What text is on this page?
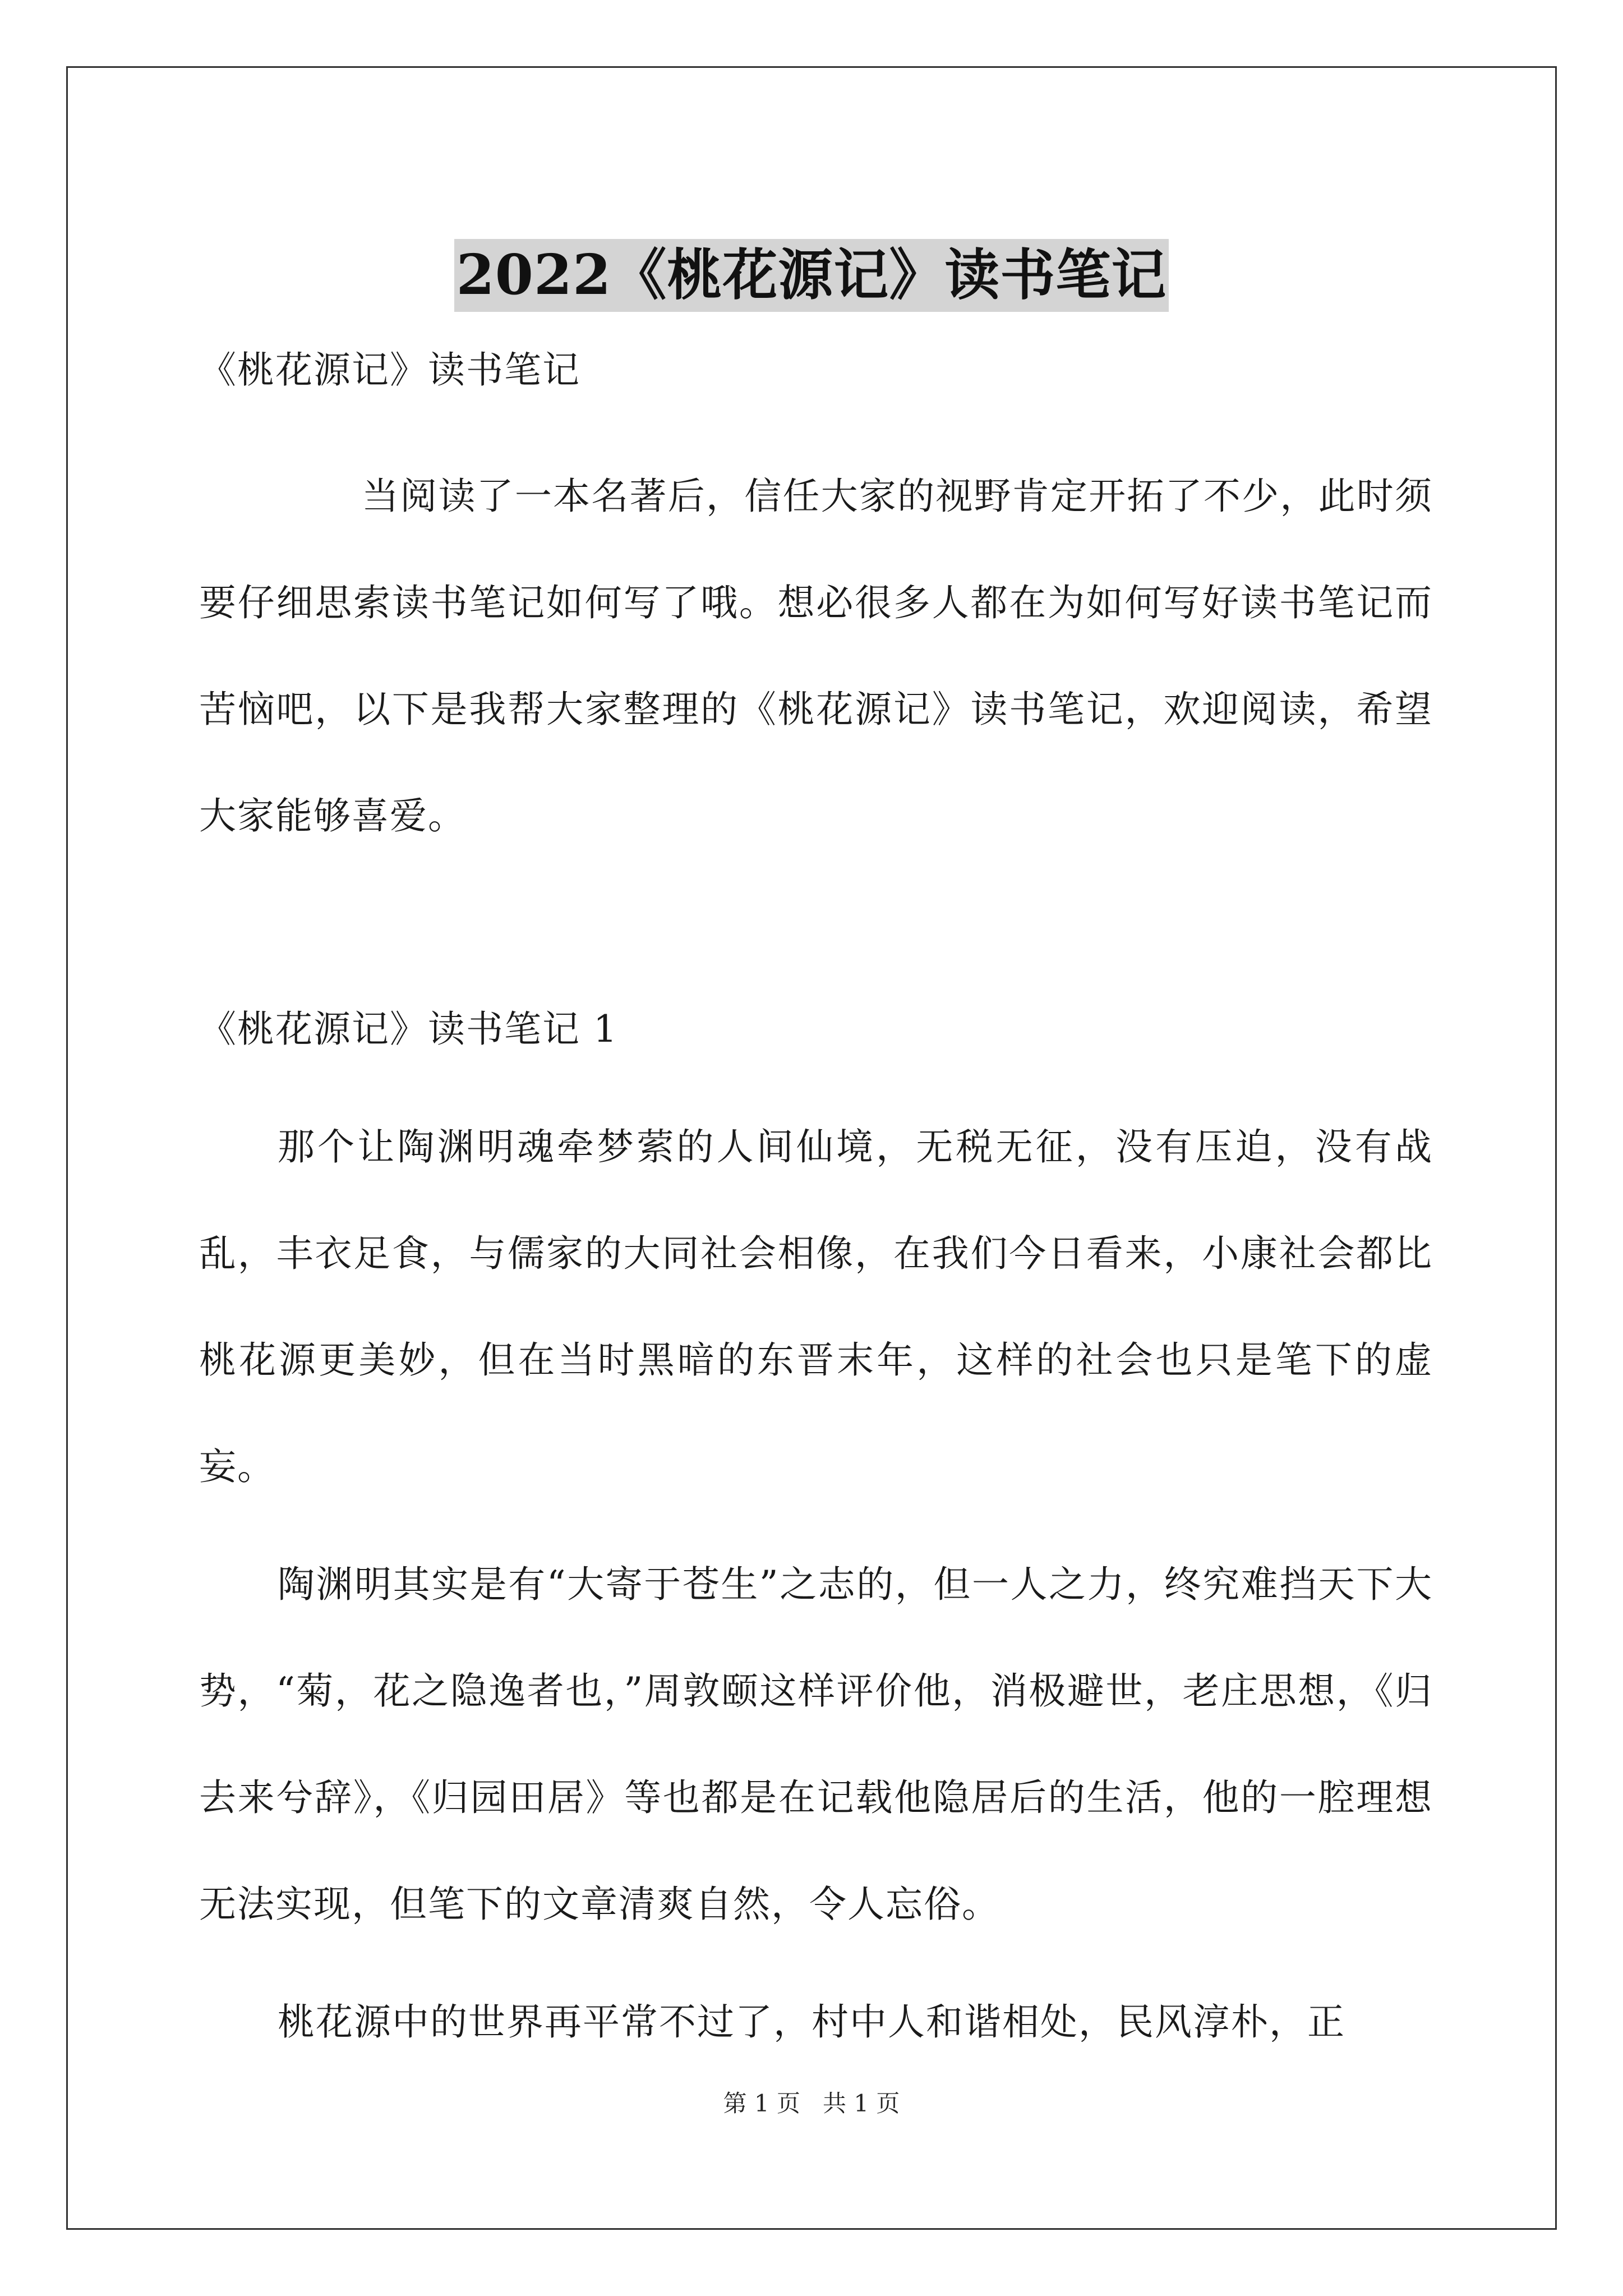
2022《桃花源记》读书笔记

《桃花源记》读书笔记

当阅读了一本名著后，信任大家的视野肯定开拓了不少，此时须要仔细思索读书笔记如何写了哦。想必很多人都在为如何写好读书笔记而苦恼吧，以下是我帮大家整理的《桃花源记》读书笔记，欢迎阅读，希望大家能够喜爱。

《桃花源记》读书笔记 1

那个让陶渊明魂牵梦萦的人间仙境，无税无征，没有压迫，没有战乱，丰衣足食，与儒家的大同社会相像，在我们今日看来，小康社会都比桃花源更美妙，但在当时黑暗的东晋末年，这样的社会也只是笔下的虚妄。

陶渊明其实是有“大寄于苍生”之志的，但一人之力，终究难挡天下大势，“菊，花之隐逸者也，”周敦颐这样评价他，消极避世，老庄思想，《归去来兮辞》，《归园田居》等也都是在记载他隐居后的生活，他的一腔理想无法实现，但笔下的文章清爽自然，令人忘俗。

桃花源中的世界再平常不过了，村中人和谐相处，民风淳朴，正

第 1 页 共 1 页
